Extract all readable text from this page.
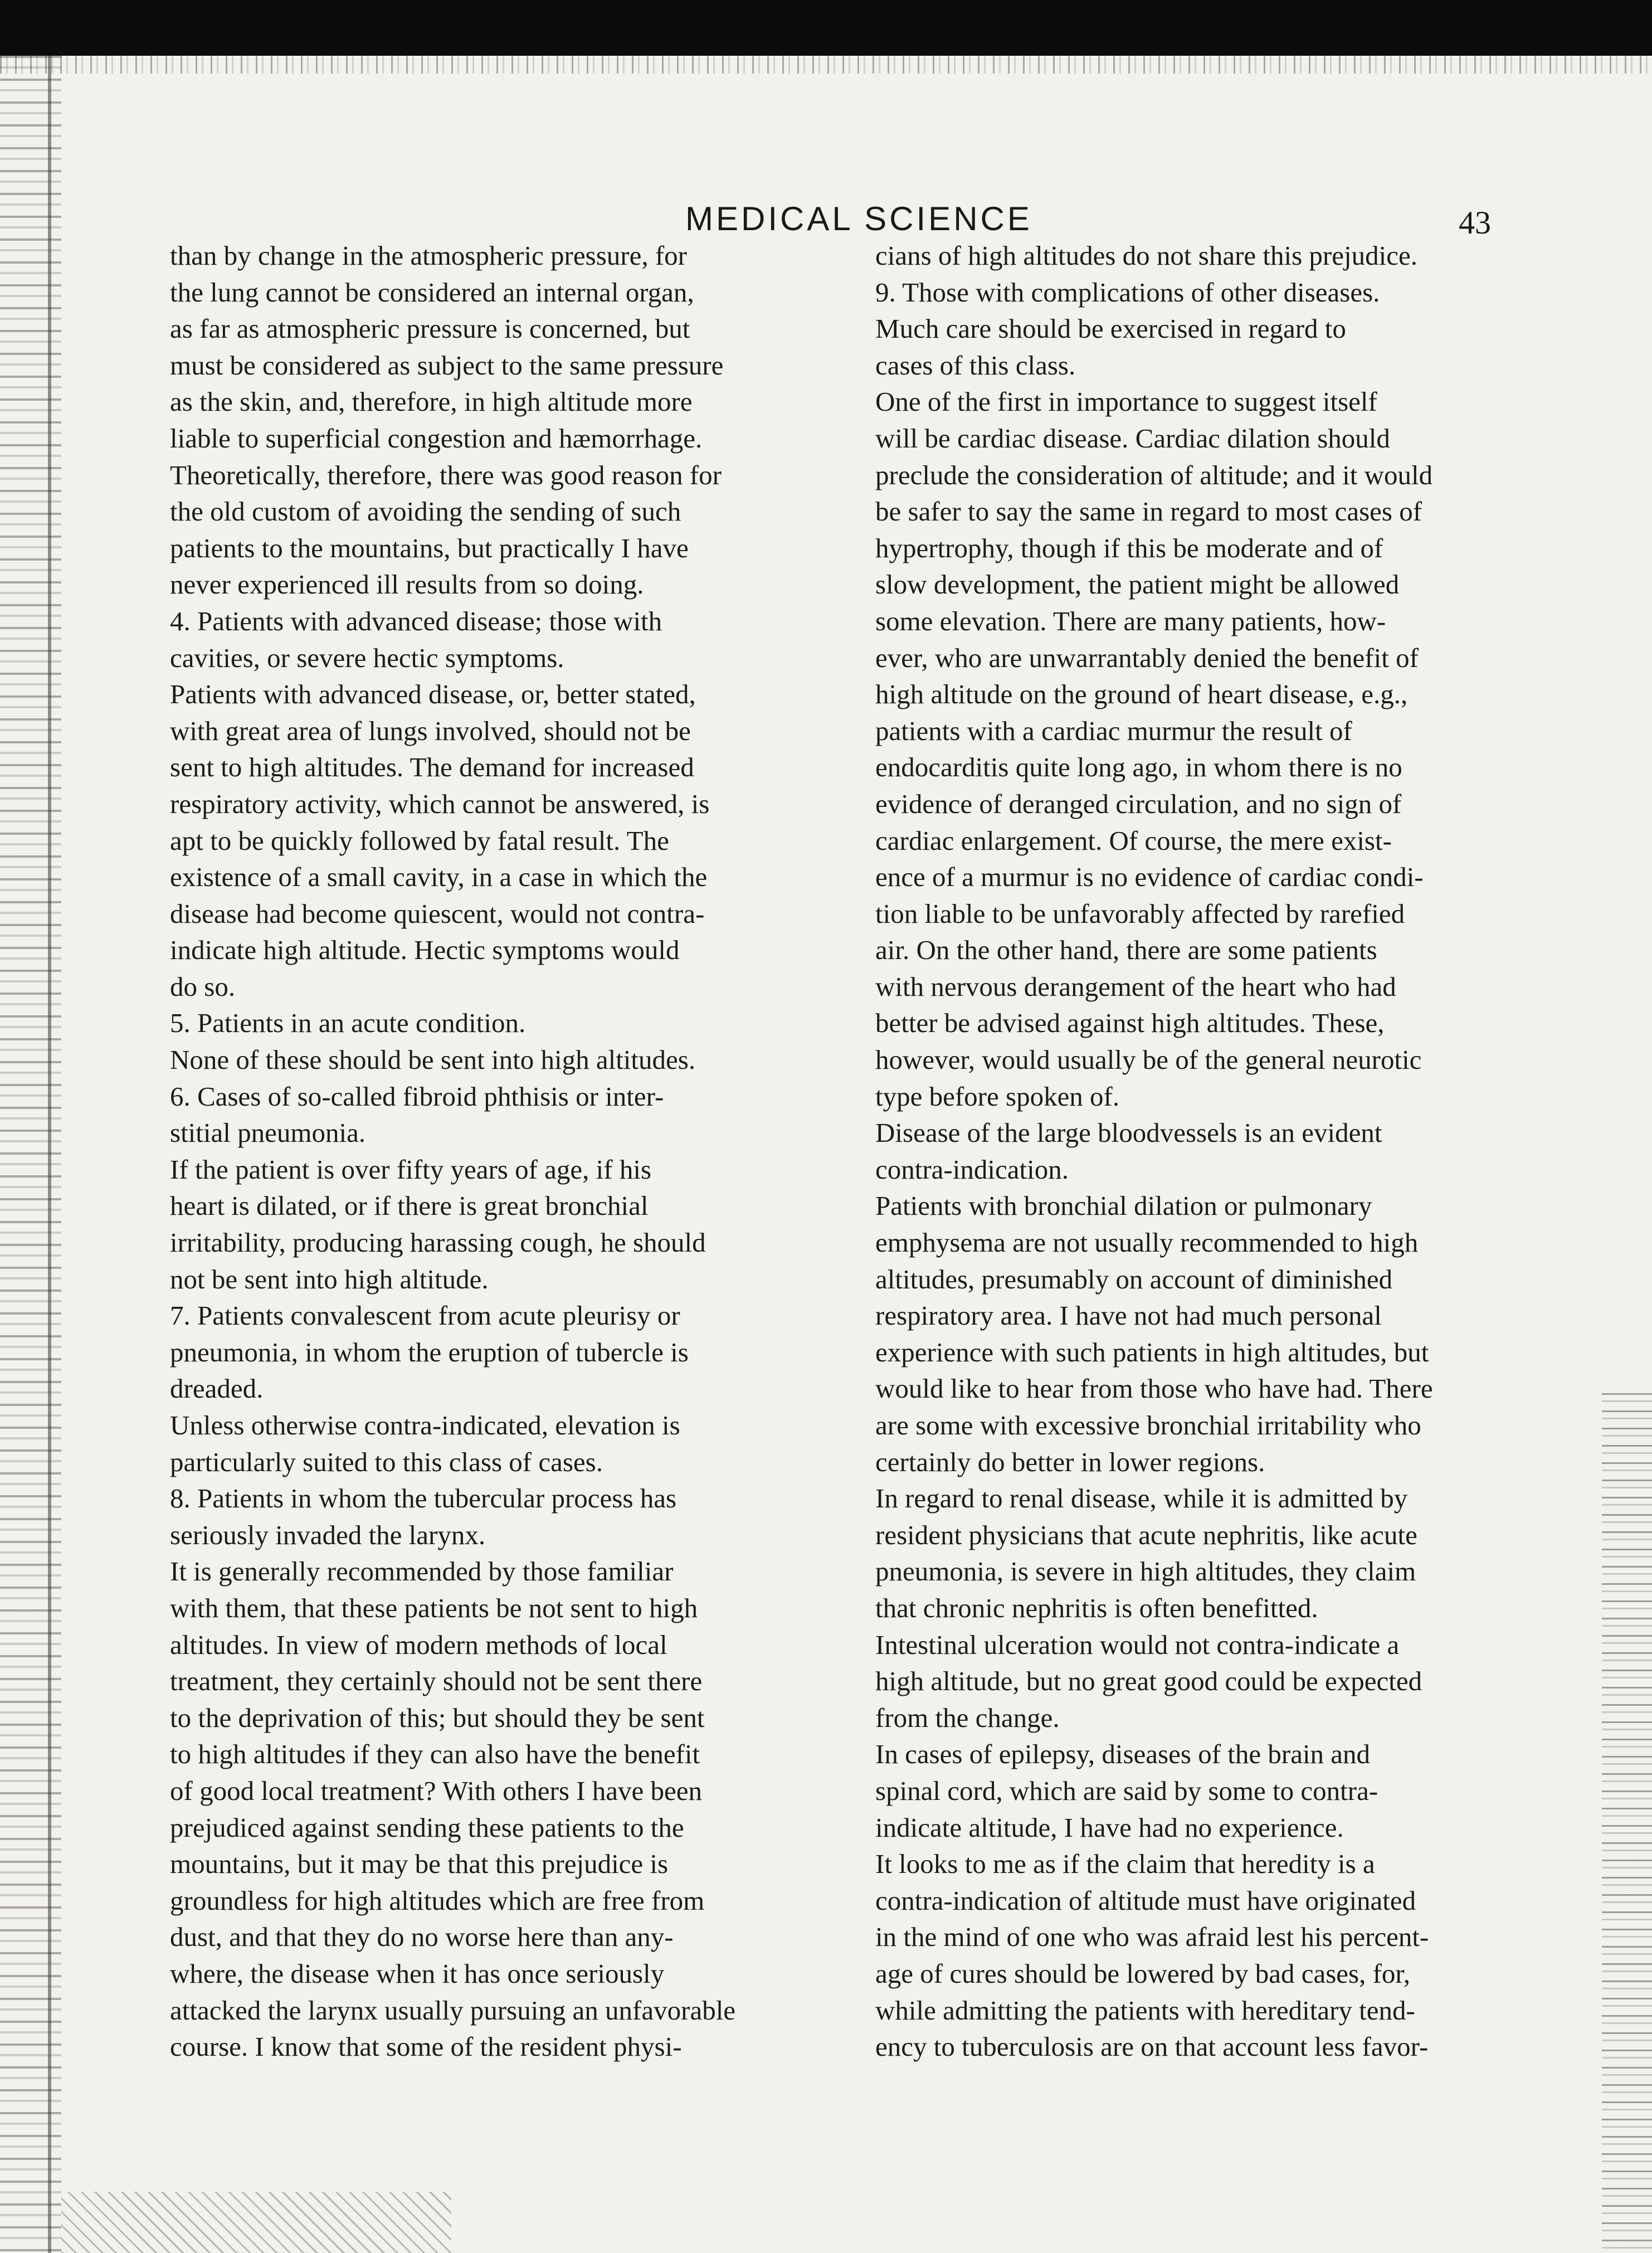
MEDICAL SCIENCE	43
than by change in the atmospheric pressure, for
the lung cannot be considered an internal organ,
as far as atmospheric pressure is concerned, but
must be considered as subject to the same pressure
as the skin, and, therefore, in high altitude more
liable to superficial congestion and hæmorrhage.
Theoretically, therefore, there was good reason for
the old custom of avoiding the sending of such
patients to the mountains, but practically I have
never experienced ill results from so doing.
4. Patients with advanced disease; those with
cavities, or severe hectic symptoms.
Patients with advanced disease, or, better stated,
with great area of lungs involved, should not be
sent to high altitudes. The demand for increased
respiratory activity, which cannot be answered, is
apt to be quickly followed by fatal result. The
existence of a small cavity, in a case in which the
disease had become quiescent, would not contra-
indicate high altitude. Hectic symptoms would
do so.
5. Patients in an acute condition.
None of these should be sent into high altitudes.
6. Cases of so-called fibroid phthisis or inter-
stitial pneumonia.
If the patient is over fifty years of age, if his
heart is dilated, or if there is great bronchial
irritability, producing harassing cough, he should
not be sent into high altitude.
7. Patients convalescent from acute pleurisy or
pneumonia, in whom the eruption of tubercle is
dreaded.
Unless otherwise contra-indicated, elevation is
particularly suited to this class of cases.
8. Patients in whom the tubercular process has
seriously invaded the larynx.
It is generally recommended by those familiar
with them, that these patients be not sent to high
altitudes. In view of modern methods of local
treatment, they certainly should not be sent there
to the deprivation of this; but should they be sent
to high altitudes if they can also have the benefit
of good local treatment? With others I have been
prejudiced against sending these patients to the
mountains, but it may be that this prejudice is
groundless for high altitudes which are free from
dust, and that they do no worse here than any-
where, the disease when it has once seriously
attacked the larynx usually pursuing an unfavorable
course. I know that some of the resident physi-
cians of high altitudes do not share this prejudice.
9. Those with complications of other diseases.
Much care should be exercised in regard to
cases of this class.
One of the first in importance to suggest itself
will be cardiac disease. Cardiac dilation should
preclude the consideration of altitude; and it would
be safer to say the same in regard to most cases of
hypertrophy, though if this be moderate and of
slow development, the patient might be allowed
some elevation. There are many patients, how-
ever, who are unwarrantably denied the benefit of
high altitude on the ground of heart disease, e.g.,
patients with a cardiac murmur the result of
endocarditis quite long ago, in whom there is no
evidence of deranged circulation, and no sign of
cardiac enlargement. Of course, the mere exist-
ence of a murmur is no evidence of cardiac condi-
tion liable to be unfavorably affected by rarefied
air. On the other hand, there are some patients
with nervous derangement of the heart who had
better be advised against high altitudes. These,
however, would usually be of the general neurotic
type before spoken of.
Disease of the large bloodvessels is an evident
contra-indication.
Patients with bronchial dilation or pulmonary
emphysema are not usually recommended to high
altitudes, presumably on account of diminished
respiratory area. I have not had much personal
experience with such patients in high altitudes, but
would like to hear from those who have had. There
are some with excessive bronchial irritability who
certainly do better in lower regions.
In regard to renal disease, while it is admitted by
resident physicians that acute nephritis, like acute
pneumonia, is severe in high altitudes, they claim
that chronic nephritis is often benefitted.
Intestinal ulceration would not contra-indicate a
high altitude, but no great good could be expected
from the change.
In cases of epilepsy, diseases of the brain and
spinal cord, which are said by some to contra-
indicate altitude, I have had no experience.
It looks to me as if the claim that heredity is a
contra-indication of altitude must have originated
in the mind of one who was afraid lest his percent-
age of cures should be lowered by bad cases, for,
while admitting the patients with hereditary tend-
ency to tuberculosis are on that account less favor-
